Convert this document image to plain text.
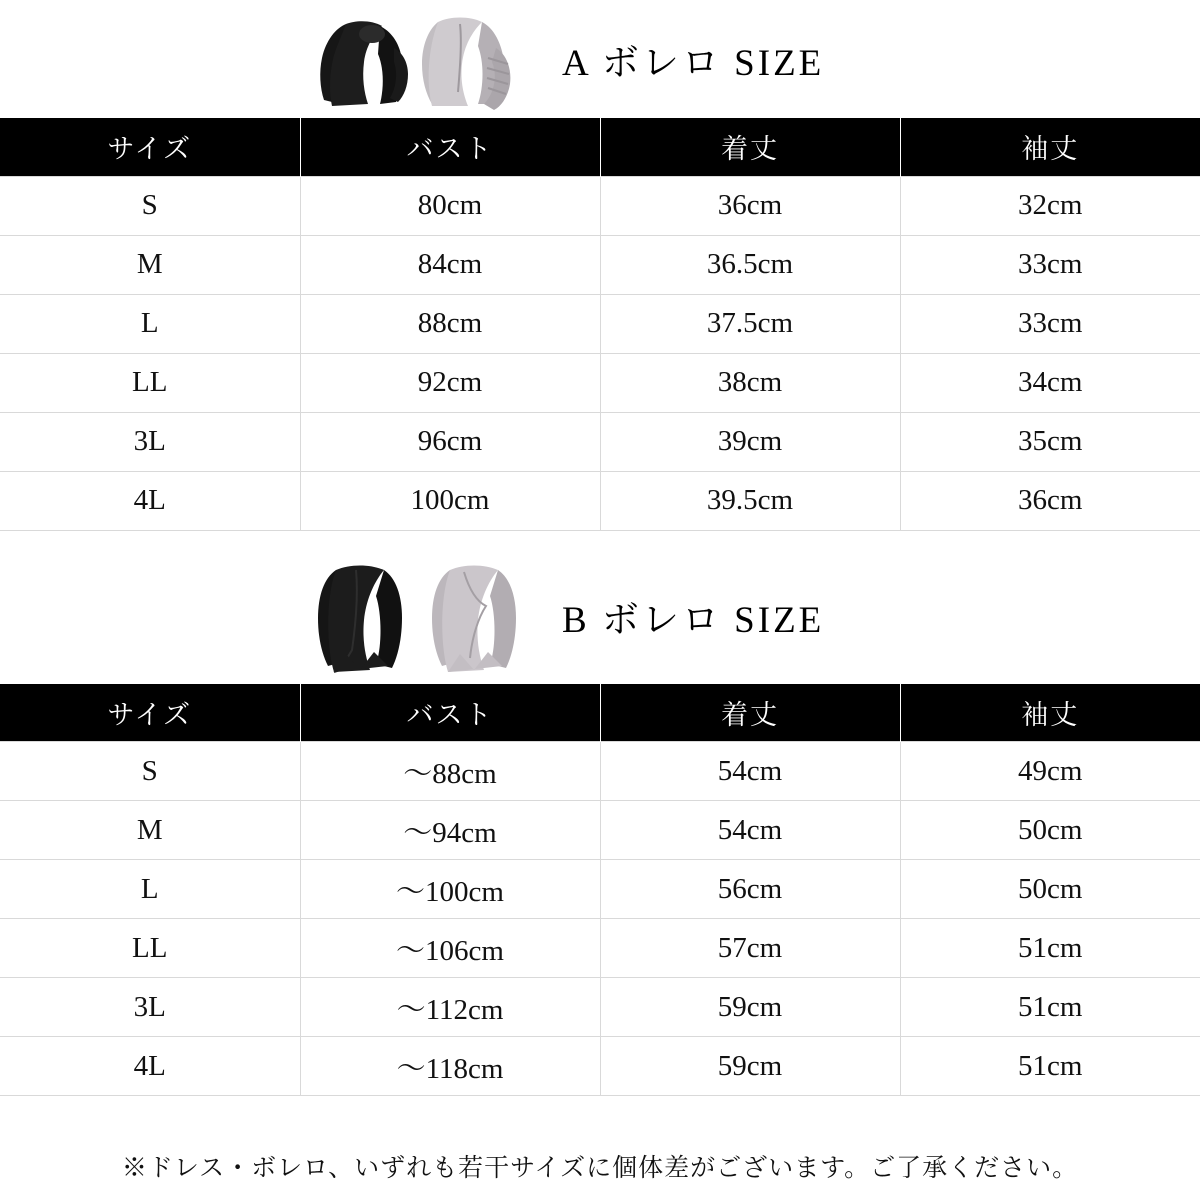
A ボレロ SIZE
サイズ	バスト	着丈	袖丈
S	80cm	36cm	32cm
M	84cm	36.5cm	33cm
L	88cm	37.5cm	33cm
LL	92cm	38cm	34cm
3L	96cm	39cm	35cm
4L	100cm	39.5cm	36cm
B ボレロ SIZE
サイズ	バスト	着丈	袖丈
S	〜88cm	54cm	49cm
M	〜94cm	54cm	50cm
L	〜100cm	56cm	50cm
LL	〜106cm	57cm	51cm
3L	〜112cm	59cm	51cm
4L	〜118cm	59cm	51cm
※ドレス・ボレロ、いずれも若干サイズに個体差がございます。ご了承ください。
